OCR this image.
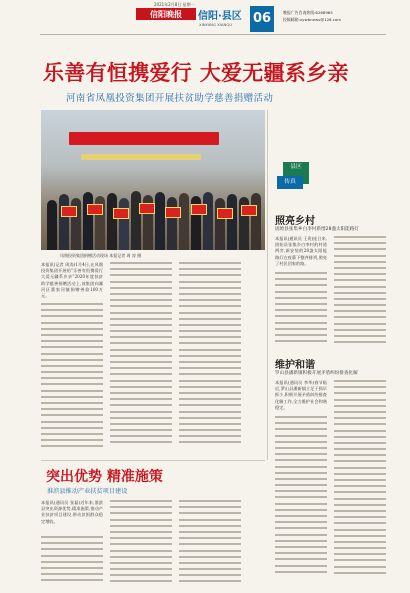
2021年2月8日 星期一
信阳晚报	信阳·县区
XINYANG XIANQU 06	晚报广告咨询热线:6268965
投稿邮箱:xywbnews@126.com
乐善有恒携爱行 大爱无疆系乡亲
河南省凤凰投资集团开展扶贫助学慈善捐赠活动
凤凰投资集团捐赠活动现场 本报记者 周 涛 摄
本报讯(记者 周涛)1月4日,在凤凰投资集团开展的“乐善有恒携爱行 大爱无疆系乡亲”2020年度扶贫助学慈善捐赠活动上,该集团向浉河区董家河镇捐赠善款100万元。
县区
传真
照亮乡村
固始县张集乡白李村新增28盏太阳能路灯
本报讯(通讯员 王贵)连日来,固始县张集乡白李村的村道两旁,新安装的28盏太阳能路灯在夜幕下整齐排列,照亮了村民回家的路。
维护和谐
罗山县潘新镇积极开展矛盾纠纷排查化解
本报讯(通讯员 李华)春节临近,罗山县潘新镇立足于抓早抓小,积极开展矛盾纠纷排查化解工作,全力维护社会和谐稳定。
突出优势 精准施策
淮滨县推动产业扶贫项目建设
本报讯(通讯员 张磊)近年来,淮滨县突出资源优势,精准施策,推动产业扶贫项目建设,带动贫困群众稳定增收。
